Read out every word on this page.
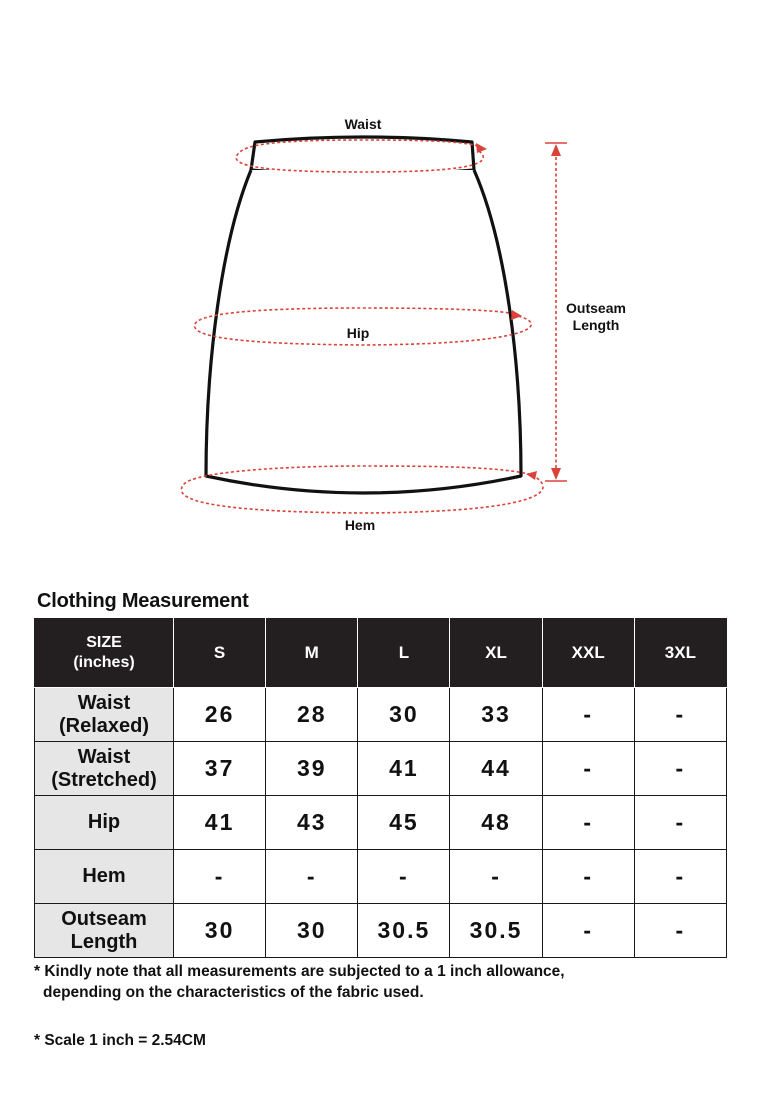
Waist
Hip
Hem
Outseam
Length
Clothing Measurement
SIZE
(inches)	S	M	L	XL	XXL	3XL
Waist
(Relaxed)	26	28	30	33	-	-
Waist
(Stretched)	37	39	41	44	-	-
Hip	41	43	45	48	-	-
Hem	-	-	-	-	-	-
Outseam
Length	30	30	30.5	30.5	-	-
* Kindly note that all measurements are subjected to a 1 inch allowance,
depending on the characteristics of the fabric used.
* Scale 1 inch = 2.54CM
